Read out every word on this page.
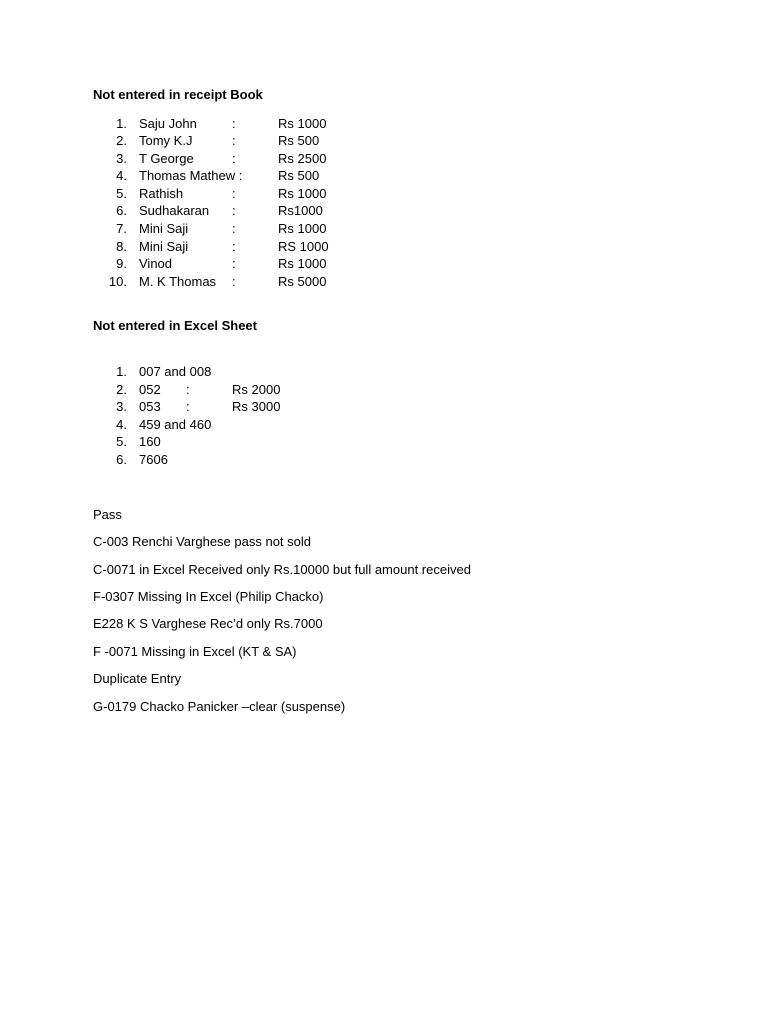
Not entered in receipt Book
1. Saju John	:	Rs 1000
2. Tomy K.J	:	Rs 500
3. T George	:	Rs 2500
4. Thomas Mathew :	Rs 500
5. Rathish	:	Rs 1000
6. Sudhakaran :	Rs1000
7. Mini Saji	:	Rs 1000
8. Mini Saji	:	RS 1000
9. Vinod	:	Rs 1000
10. M. K Thomas :	Rs 5000
Not entered in Excel Sheet
1. 007 and 008
2. 052 :	Rs 2000
3. 053 :	Rs 3000
4. 459 and 460
5. 160
6. 7606
Pass
C-003 Renchi Varghese pass not sold
C-0071 in Excel Received only Rs.10000 but full amount received
F-0307 Missing In Excel (Philip Chacko)
E228 K S Varghese Rec’d only Rs.7000
F -0071 Missing in Excel (KT & SA)
Duplicate Entry
G-0179 Chacko Panicker –clear (suspense)
